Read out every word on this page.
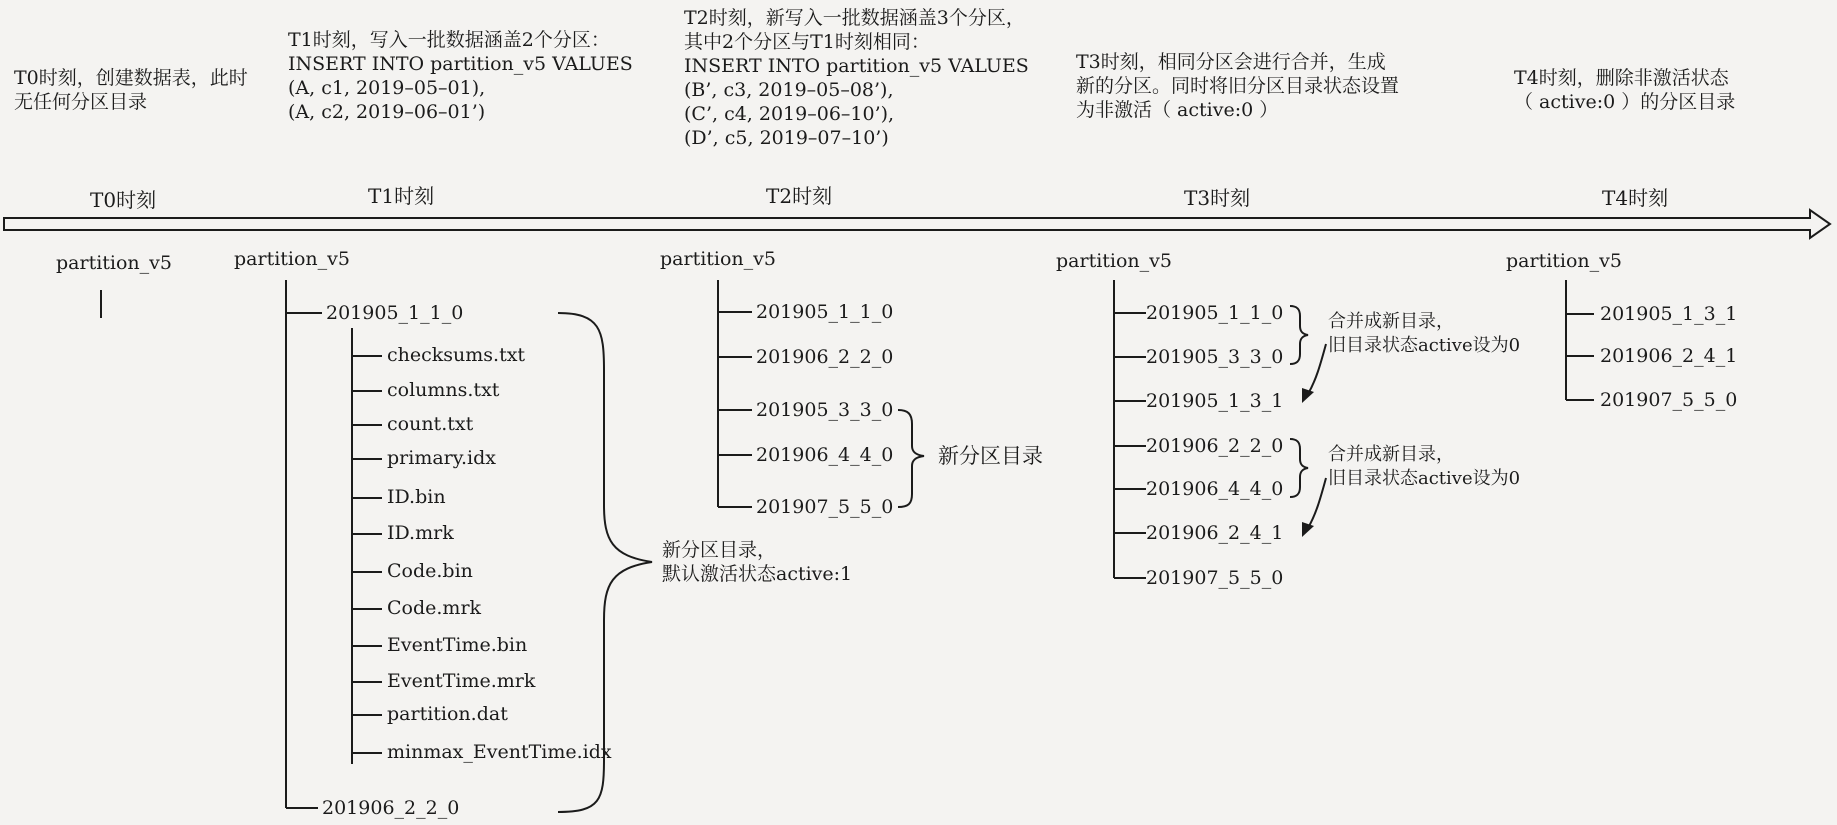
T0时刻，创建数据表，此时
无任何分区目录
T1时刻，写入一批数据涵盖2个分区：
INSERT INTO partition_v5 VALUES
(A, c1, 2019–05–01),
(A, c2, 2019–06–01’)
T2时刻，新写入一批数据涵盖3个分区，
其中2个分区与T1时刻相同：
INSERT INTO partition_v5 VALUES
(B’, c3, 2019–05–08’),
(C’, c4, 2019–06–10’),
(D’, c5, 2019–07–10’)
T3时刻，相同分区会进行合并，生成
新的分区。同时将旧分区目录状态设置
为非激活（ active:0 ）
T4时刻，删除非激活状态
（ active:0 ）的分区目录
T0时刻	T1时刻	T2时刻	T3时刻	T4时刻
partition_v5	partition_v5
201905_1_1_0
checksums.txt
columns.txt
count.txt
primary.idx
ID.bin
ID.mrk
Code.bin
Code.mrk
EventTime.bin
EventTime.mrk
partition.dat
minmax_EventTime.idx
201906_2_2_0
新分区目录，
默认激活状态active:1
partition_v5
201905_1_1_0
201906_2_2_0
201905_3_3_0
201906_4_4_0
201907_5_5_0
新分区目录
partition_v5
201905_1_1_0
201905_3_3_0
201905_1_3_1
201906_2_2_0
201906_4_4_0
201906_2_4_1
201907_5_5_0
合并成新目录，
旧目录状态active设为0
合并成新目录，
旧目录状态active设为0
partition_v5
201905_1_3_1
201906_2_4_1
201907_5_5_0
